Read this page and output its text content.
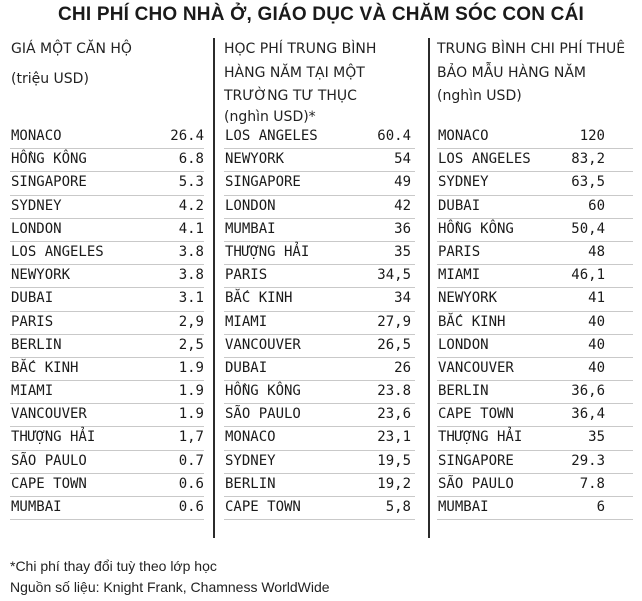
CHI PHÍ CHO NHÀ Ở, GIÁO DỤC VÀ CHĂM SÓC CON CÁI
GIÁ MỘT CĂN HỘ
(triệu USD)
MONACO	26.4
HỒNG KÔNG	6.8
SINGAPORE	5.3
SYDNEY	4.2
LONDON	4.1
LOS ANGELES	3.8
NEWYORK	3.8
DUBAI	3.1
PARIS	2,9
BERLIN	2,5
BẮC KINH	1.9
MIAMI	1.9
VANCOUVER	1.9
THƯỢNG HẢI	1,7
SÃO PAULO	0.7
CAPE TOWN	0.6
MUMBAI	0.6
HỌC PHÍ TRUNG BÌNH HÀNG NĂM TẠI MỘT TRƯỜNG TƯ THỤC
(nghìn USD)*
LOS ANGELES	60.4
NEWYORK	54
SINGAPORE	49
LONDON	42
MUMBAI	36
THƯỢNG HẢI	35
PARIS	34,5
BẮC KINH	34
MIAMI	27,9
VANCOUVER	26,5
DUBAI	26
HỒNG KÔNG	23.8
SÃO PAULO	23,6
MONACO	23,1
SYDNEY	19,5
BERLIN	19,2
CAPE TOWN	5,8
TRUNG BÌNH CHI PHÍ THUÊ BẢO MẪU HÀNG NĂM
(nghìn USD)
MONACO	120
LOS ANGELES	83,2
SYDNEY	63,5
DUBAI	60
HỒNG KÔNG	50,4
PARIS	48
MIAMI	46,1
NEWYORK	41
BẮC KINH	40
LONDON	40
VANCOUVER	40
BERLIN	36,6
CAPE TOWN	36,4
THƯỢNG HẢI	35
SINGAPORE	29.3
SÃO PAULO	7.8
MUMBAI	6
*Chi phí thay đổi tuỳ theo lớp học
Nguồn số liệu: Knight Frank, Chamness WorldWide
